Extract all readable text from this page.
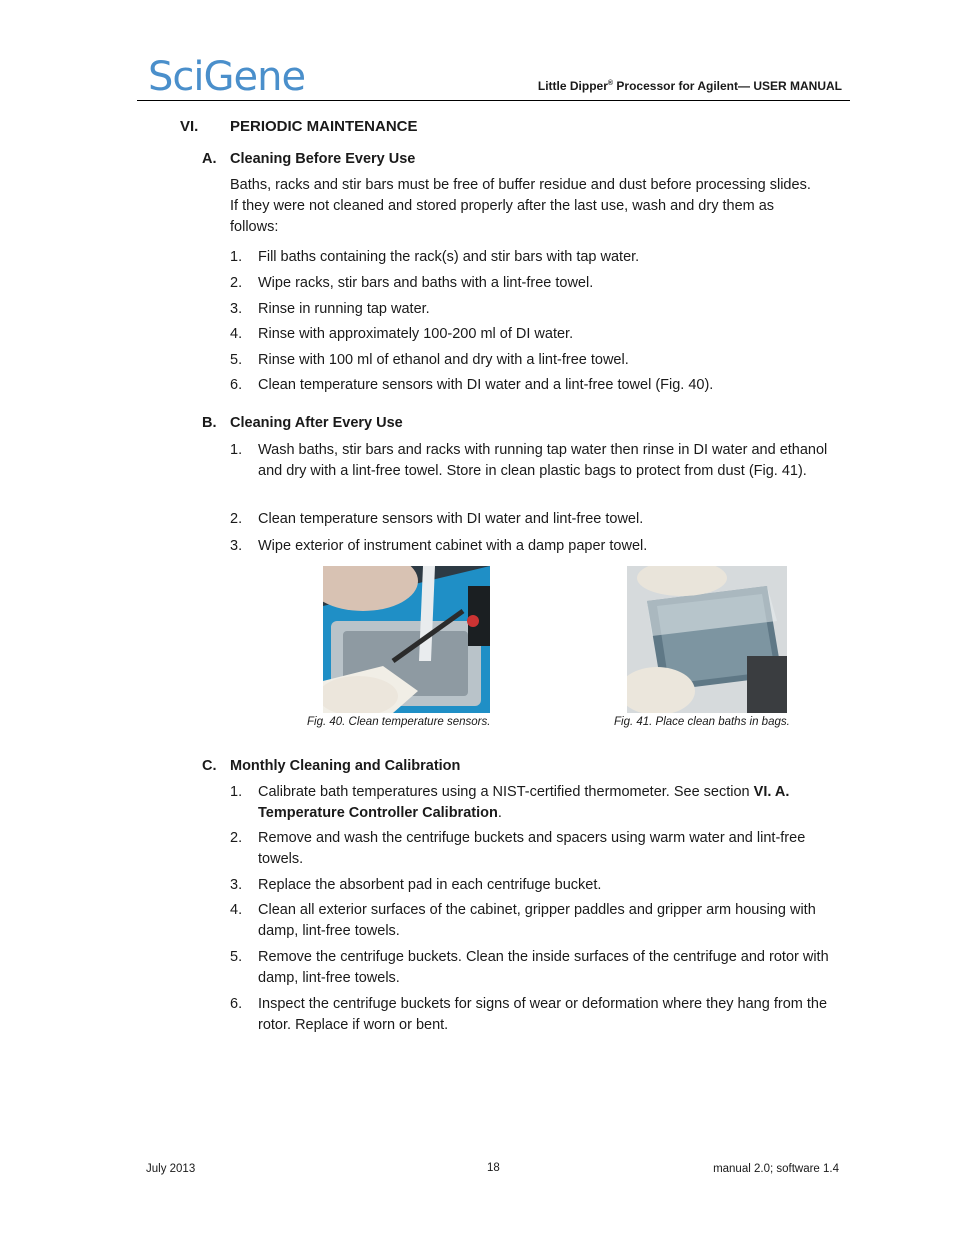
SciGene	Little Dipper® Processor for Agilent— USER MANUAL
VI. PERIODIC MAINTENANCE
A. Cleaning Before Every Use
Baths, racks and stir bars must be free of buffer residue and dust before processing slides. If they were not cleaned and stored properly after the last use, wash and dry them as follows:
1. Fill baths containing the rack(s) and stir bars with tap water.
2. Wipe racks, stir bars and baths with a lint-free towel.
3. Rinse in running tap water.
4. Rinse with approximately 100-200 ml of DI water.
5. Rinse with 100 ml of ethanol and dry with a lint-free towel.
6. Clean temperature sensors with DI water and a lint-free towel (Fig. 40).
B. Cleaning After Every Use
1. Wash baths, stir bars and racks with running tap water then rinse in DI water and ethanol and dry with a lint-free towel. Store in clean plastic bags to protect from dust (Fig. 41).
2. Clean temperature sensors with DI water and lint-free towel.
3. Wipe exterior of instrument cabinet with a damp paper towel.
Fig. 40. Clean temperature sensors.	Fig. 41. Place clean baths in bags.
C. Monthly Cleaning and Calibration
1. Calibrate bath temperatures using a NIST-certified thermometer. See section VI. A. Temperature Controller Calibration.
2. Remove and wash the centrifuge buckets and spacers using warm water and lint-free towels.
3. Replace the absorbent pad in each centrifuge bucket.
4. Clean all exterior surfaces of the cabinet, gripper paddles and gripper arm housing with damp, lint-free towels.
5. Remove the centrifuge buckets. Clean the inside surfaces of the centrifuge and rotor with damp, lint-free towels.
6. Inspect the centrifuge buckets for signs of wear or deformation where they hang from the rotor. Replace if worn or bent.
July 2013	18	manual 2.0; software 1.4
